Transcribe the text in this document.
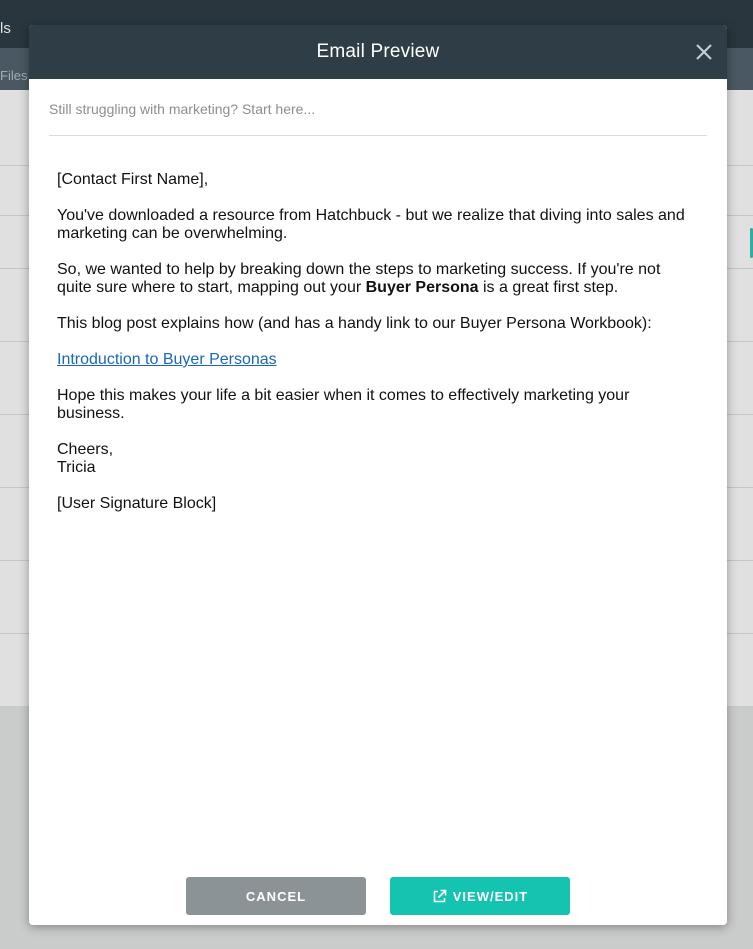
ls
Files
Email Preview
Still struggling with marketing? Start here...

[Contact First Name],

You've downloaded a resource from Hatchbuck - but we realize that diving into sales and marketing can be overwhelming.

So, we wanted to help by breaking down the steps to marketing success. If you're not quite sure where to start, mapping out your Buyer Persona is a great first step.

This blog post explains how (and has a handy link to our Buyer Persona Workbook):

Introduction to Buyer Personas

Hope this makes your life a bit easier when it comes to effectively marketing your business.

Cheers,
Tricia

[User Signature Block]

CANCEL	VIEW/EDIT
